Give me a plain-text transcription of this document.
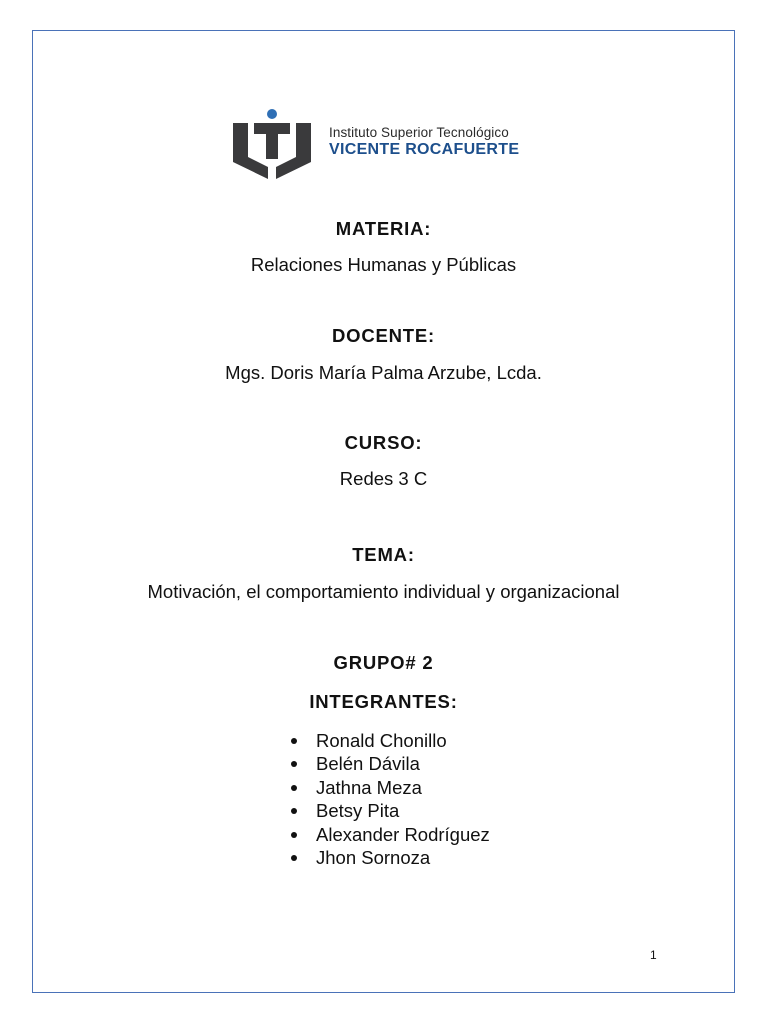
Instituto Superior Tecnológico
VICENTE ROCAFUERTE
MATERIA:
Relaciones Humanas y Públicas
DOCENTE:
Mgs. Doris María Palma Arzube, Lcda.
CURSO:
Redes 3 C
TEMA:
Motivación, el comportamiento individual y organizacional
GRUPO# 2
INTEGRANTES:
Ronald Chonillo
Belén Dávila
Jathna Meza
Betsy Pita
Alexander Rodríguez
Jhon Sornoza
1
